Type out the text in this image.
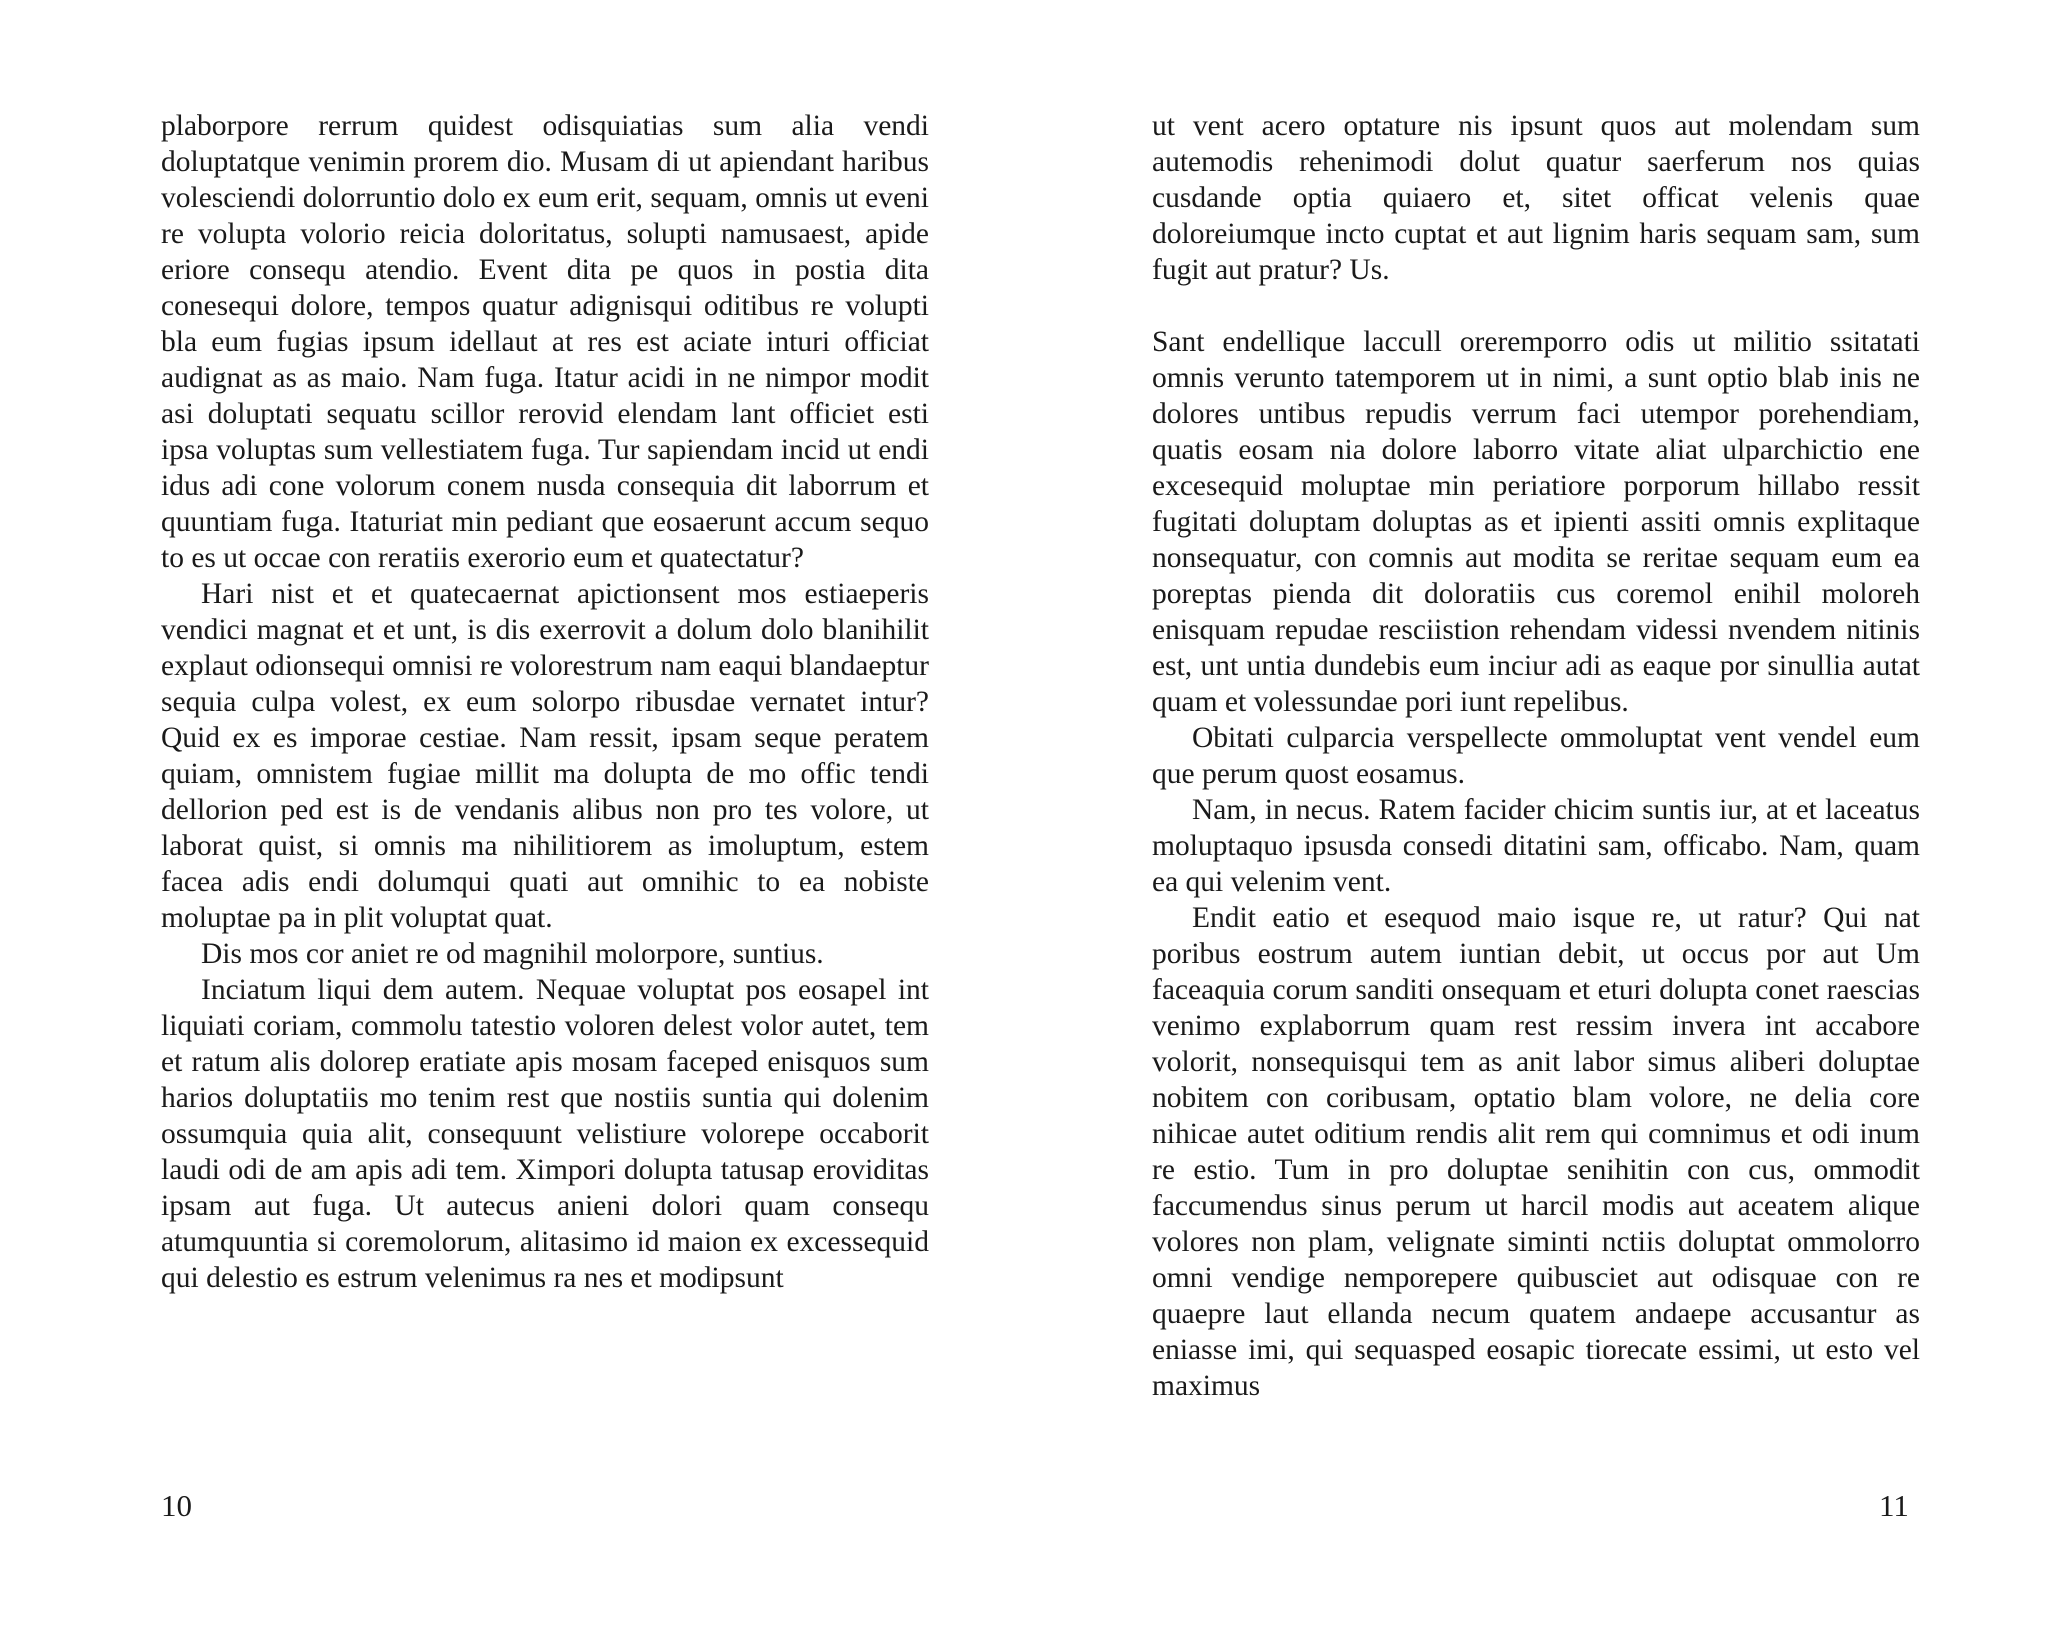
plaborpore rerrum quidest odisquiatias sum alia vendi doluptatque venimin prorem dio. Musam di ut apiendant haribus volesciendi dolorruntio dolo ex eum erit, sequam, omnis ut eveni re volupta volorio reicia doloritatus, solupti namusaest, apide eriore consequ atendio. Event dita pe quos in postia dita conesequi dolore, tempos quatur adignisqui oditibus re volupti bla eum fugias ipsum idellaut at res est aciate inturi officiat audignat as as maio. Nam fuga. Itatur acidi in ne nimpor modit asi doluptati sequatu scillor rerovid elendam lant officiet esti ipsa voluptas sum vellestiatem fuga. Tur sapiendam incid ut endi idus adi cone volorum conem nusda consequia dit laborrum et quuntiam fuga. Itaturiat min pediant que eosaerunt accum sequo to es ut occae con reratiis exerorio eum et quatectatur?

Hari nist et et quatecaernat apictionsent mos estiaeperis vendici magnat et et unt, is dis exerrovit a dolum dolo blanihilit explaut odionsequi omnisi re volorestrum nam eaqui blandaeptur sequia culpa volest, ex eum solorpo ribusdae vernatet intur? Quid ex es imporae cestiae. Nam ressit, ipsam seque peratem quiam, omnistem fugiae millit ma dolupta de mo offic tendi dellorion ped est is de vendanis alibus non pro tes volore, ut laborat quist, si omnis ma nihilitiorem as imoluptum, estem facea adis endi dolumqui quati aut omnihic to ea nobiste moluptae pa in plit voluptat quat.

Dis mos cor aniet re od magnihil molorpore, suntius.

Inciatum liqui dem autem. Nequae voluptat pos eosapel int liquiati coriam, commolu tatestio voloren delest volor autet, tem et ratum alis dolorep eratiate apis mosam faceped enisquos sum harios doluptatiis mo tenim rest que nostiis suntia qui dolenim ossumquia quia alit, consequunt velistiure volorepe occaborit laudi odi de am apis adi tem. Ximpori dolupta tatusap eroviditas ipsam aut fuga. Ut autecus anieni dolori quam consequ atumquuntia si coremolorum, alitasimo id maion ex excessequid qui delestio es estrum velenimus ra nes et modipsunt

10

ut vent acero optature nis ipsunt quos aut molendam sum autemodis rehenimodi dolut quatur saerferum nos quias cusdande optia quiaero et, sitet officat velenis quae doloreiumque incto cuptat et aut lignim haris sequam sam, sum fugit aut pratur? Us.

Sant endellique laccull oreremporro odis ut militio ssitatati omnis verunto tatemporem ut in nimi, a sunt optio blab inis ne dolores untibus repudis verrum faci utempor porehendiam, quatis eosam nia dolore laborro vitate aliat ulparchictio ene excesequid moluptae min periatiore porporum hillabo ressit fugitati doluptam doluptas as et ipienti assiti omnis explitaque nonsequatur, con comnis aut modita se reritae sequam eum ea poreptas pienda dit doloratiis cus coremol enihil moloreh enisquam repudae resciistion rehendam videssi nvendem nitinis est, unt untia dundebis eum inciur adi as eaque por sinullia autat quam et volessundae pori iunt repelibus.

Obitati culparcia verspellecte ommoluptat vent vendel eum que perum quost eosamus.

Nam, in necus. Ratem facider chicim suntis iur, at et laceatus moluptaquo ipsusda consedi ditatini sam, officabo. Nam, quam ea qui velenim vent.

Endit eatio et esequod maio isque re, ut ratur? Qui nat poribus eostrum autem iuntian debit, ut occus por aut Um faceaquia corum sanditi onsequam et eturi dolupta conet raescias venimo explaborrum quam rest ressim invera int accabore volorit, nonsequisqui tem as anit labor simus aliberi doluptae nobitem con coribusam, optatio blam volore, ne delia core nihicae autet oditium rendis alit rem qui comnimus et odi inum re estio. Tum in pro doluptae senihitin con cus, ommodit faccumendus sinus perum ut harcil modis aut aceatem alique volores non plam, velignate siminti nctiis doluptat ommolorro omni vendige nemporepere quibusciet aut odisquae con re quaepre laut ellanda necum quatem andaepe accusantur as eniasse imi, qui sequasped eosapic tiorecate essimi, ut esto vel maximus

11
